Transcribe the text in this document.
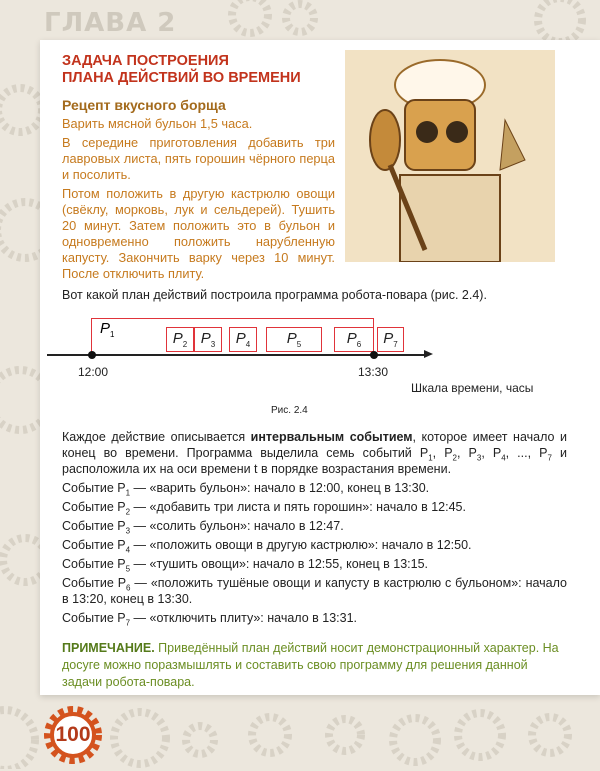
ГЛАВА 2
ЗАДАЧА ПОСТРОЕНИЯ
ПЛАНА ДЕЙСТВИЙ ВО ВРЕМЕНИ
Рецепт вкусного борща

Варить мясной бульон 1,5 часа.

В середине приготовления добавить три лавровых листа, пять горошин чёрного перца и посолить.

Потом положить в другую кастрюлю овощи (свёклу, морковь, лук и сельдерей). Тушить 20 минут. Затем положить это в бульон и одновременно положить нарубленную капусту. Закончить варку через 10 минут. После отключить плиту.

Вот какой план действий построила программа робота-повара (рис. 2.4).
$P_1$	$P_2$ $P_3$	$P_4$	$P_5$	$P_6$	$P_7$
12:00	13:30
Шкала времени, часы
Рис. 2.4

Каждое действие описывается интервальным событием, которое имеет начало и конец во времени. Программа выделила семь событий $P_1$, $P_2$, $P_3$, $P_4$, ..., $P_7$ и расположила их на оси времени t в порядке возрастания времени.

Событие $P_1$ — «варить бульон»: начало в 12:00, конец в 13:30.

Событие $P_2$ — «добавить три листа и пять горошин»: начало в 12:45.

Событие $P_3$ — «солить бульон»: начало в 12:47.

Событие $P_4$ — «положить овощи в другую кастрюлю»: начало в 12:50.

Событие $P_5$ — «тушить овощи»: начало в 12:55, конец в 13:15.

Событие $P_6$ — «положить тушёные овощи и капусту в кастрюлю с бульоном»: начало в 13:20, конец в 13:30.

Событие $P_7$ — «отключить плиту»: начало в 13:31.

ПРИМЕЧАНИЕ. Приведённый план действий носит демонстрационный характер. На досуге можно поразмышлять и составить свою программу для решения данной задачи робота-повара.
100
